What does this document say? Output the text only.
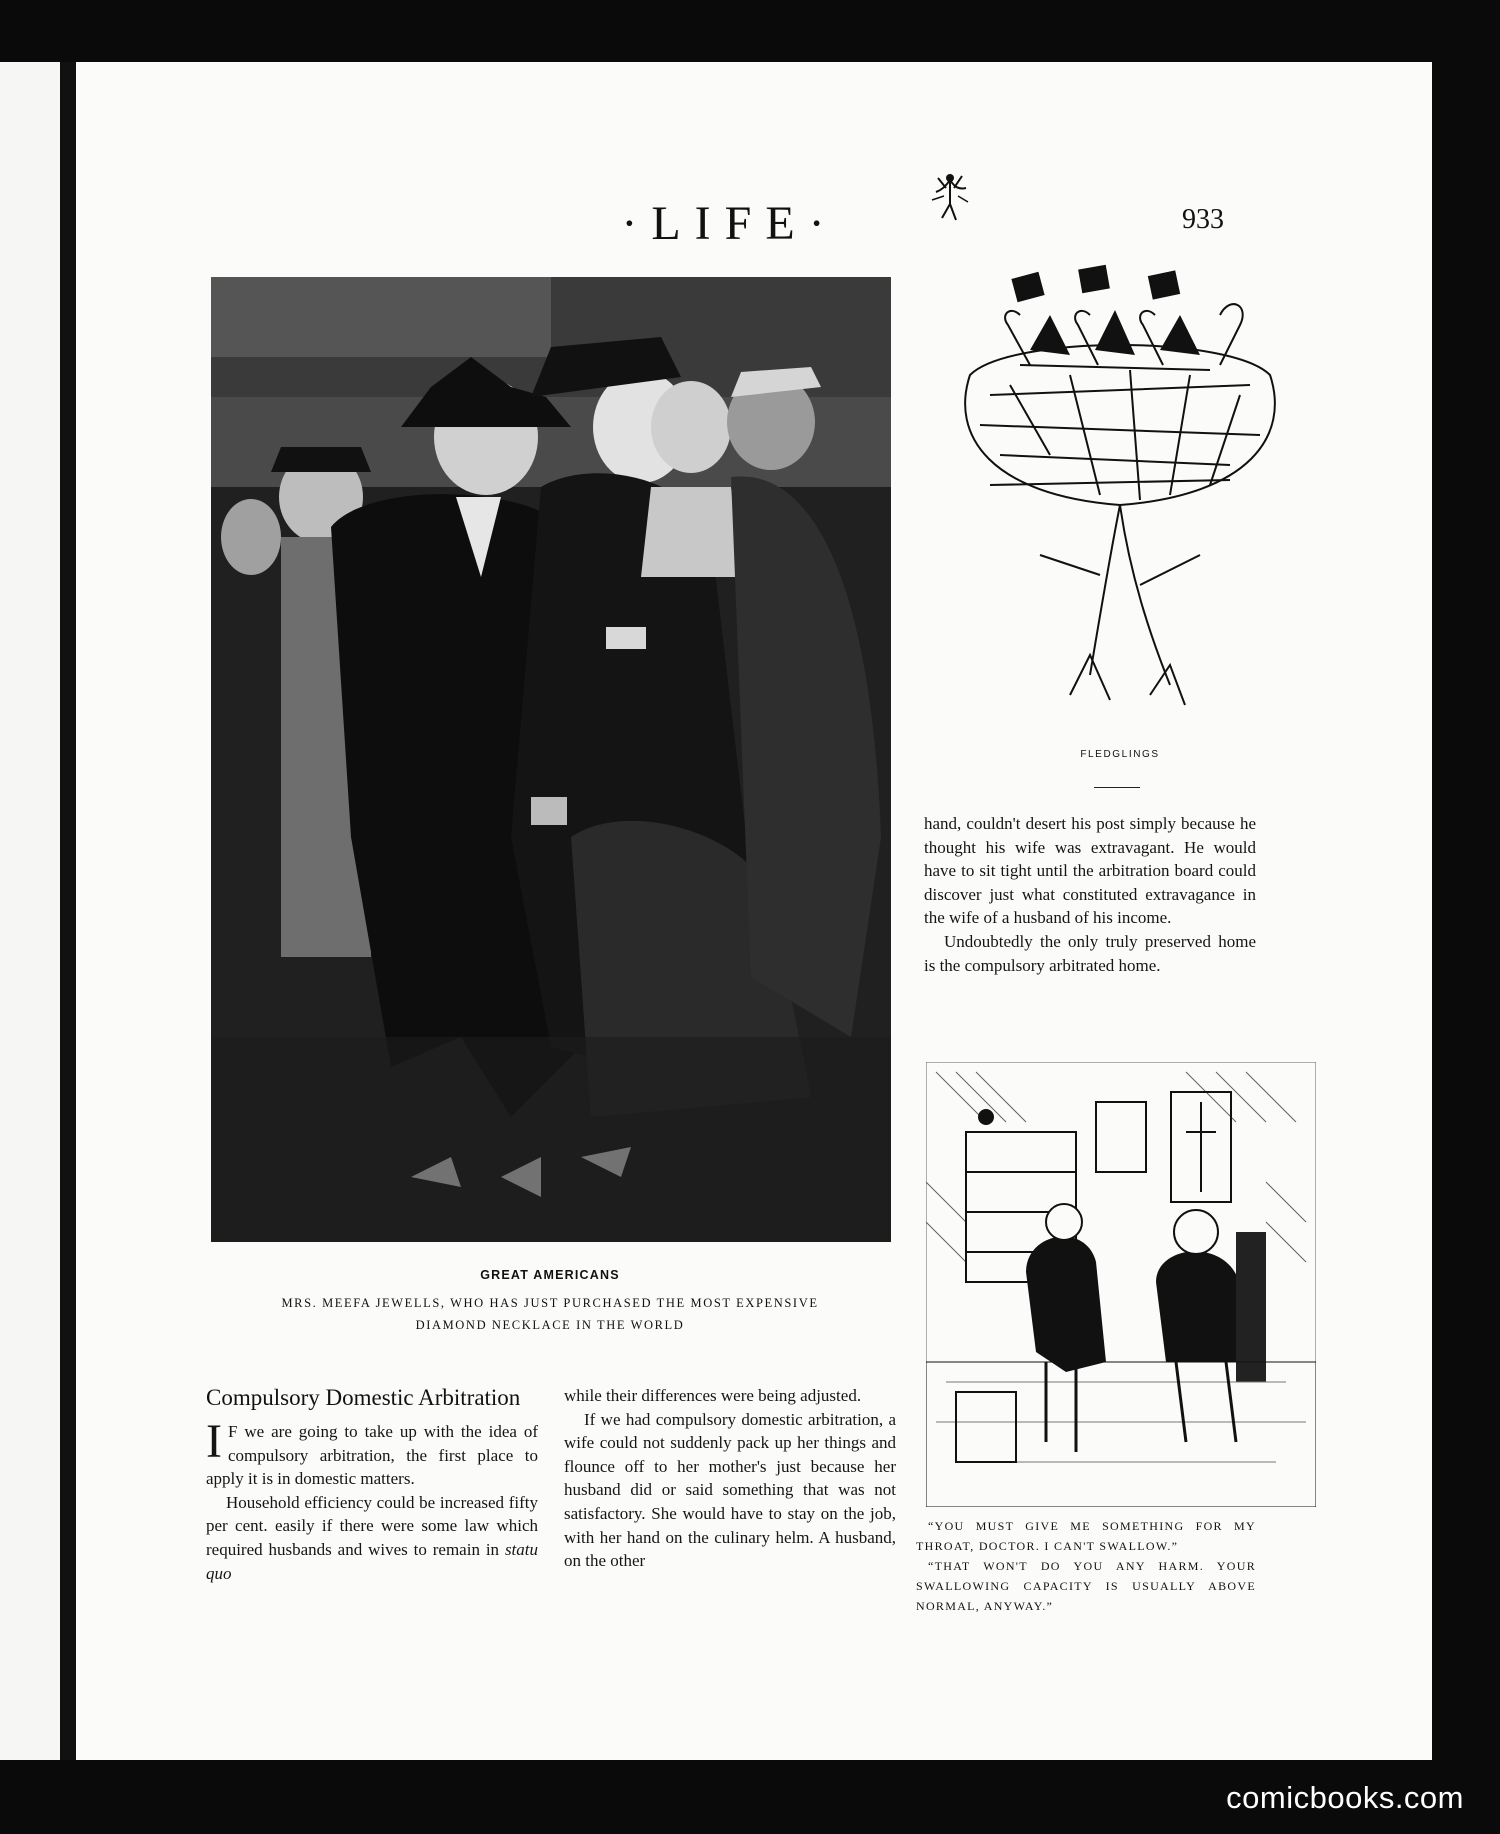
·LIFE·	933
GREAT AMERICANS
MRS. MEEFA JEWELLS, WHO HAS JUST PURCHASED THE MOST EXPENSIVE
DIAMOND NECKLACE IN THE WORLD
Compulsory Domestic Arbitration

I F we are going to take up with the idea of compulsory arbitration, the first place to apply it is in domestic matters.

Household efficiency could be increased fifty per cent. easily if there were some law which required husbands and wives to remain in statu quo

while their differences were being adjusted.

If we had compulsory domestic arbitration, a wife could not suddenly pack up her things and flounce off to her mother's just because her husband did or said something that was not satisfactory. She would have to stay on the job, with her hand on the culinary helm. A husband, on the other

hand, couldn't desert his post simply because he thought his wife was extravagant. He would have to sit tight until the arbitration board could discover just what constituted extravagance in the wife of a husband of his income.

Undoubtedly the only truly preserved home is the compulsory arbitrated home.

FLEDGLINGS

“YOU MUST GIVE ME SOMETHING FOR MY THROAT, DOCTOR. I CAN'T SWALLOW.”

“THAT WON'T DO YOU ANY HARM. YOUR SWALLOWING CAPACITY IS USUALLY ABOVE NORMAL, ANYWAY.”

comicbooks.com
